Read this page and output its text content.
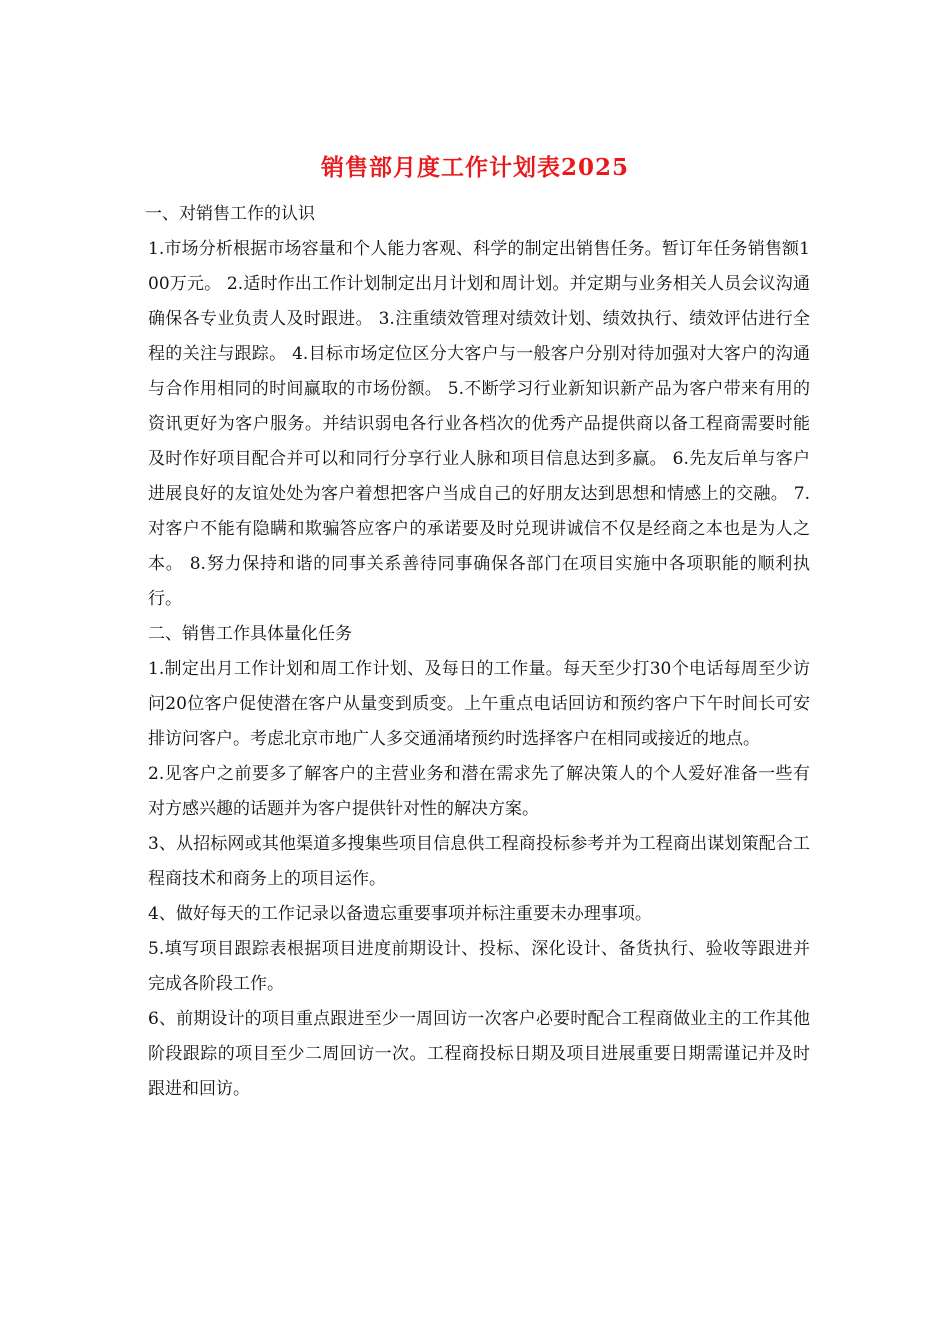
销售部月度工作计划表2025
一、对销售工作的认识

1.市场分析根据市场容量和个人能力客观、科学的制定出销售任务。暂订年任务销售额100万元。 2.适时作出工作计划制定出月计划和周计划。并定期与业务相关人员会议沟通确保各专业负责人及时跟进。 3.注重绩效管理对绩效计划、绩效执行、绩效评估进行全程的关注与跟踪。 4.目标市场定位区分大客户与一般客户分别对待加强对大客户的沟通与合作用相同的时间赢取的市场份额。 5.不断学习行业新知识新产品为客户带来有用的资讯更好为客户服务。并结识弱电各行业各档次的优秀产品提供商以备工程商需要时能及时作好项目配合并可以和同行分享行业人脉和项目信息达到多赢。 6.先友后单与客户进展良好的友谊处处为客户着想把客户当成自己的好朋友达到思想和情感上的交融。 7.对客户不能有隐瞒和欺骗答应客户的承诺要及时兑现讲诚信不仅是经商之本也是为人之本。 8.努力保持和谐的同事关系善待同事确保各部门在项目实施中各项职能的顺利执行。

二、销售工作具体量化任务

1.制定出月工作计划和周工作计划、及每日的工作量。每天至少打30个电话每周至少访问20位客户促使潜在客户从量变到质变。上午重点电话回访和预约客户下午时间长可安排访问客户。考虑北京市地广人多交通涌堵预约时选择客户在相同或接近的地点。

2.见客户之前要多了解客户的主营业务和潜在需求先了解决策人的个人爱好准备一些有对方感兴趣的话题并为客户提供针对性的解决方案。

3、从招标网或其他渠道多搜集些项目信息供工程商投标参考并为工程商出谋划策配合工程商技术和商务上的项目运作。

4、做好每天的工作记录以备遗忘重要事项并标注重要未办理事项。

5.填写项目跟踪表根据项目进度前期设计、投标、深化设计、备货执行、验收等跟进并完成各阶段工作。

6、前期设计的项目重点跟进至少一周回访一次客户必要时配合工程商做业主的工作其他阶段跟踪的项目至少二周回访一次。工程商投标日期及项目进展重要日期需谨记并及时跟进和回访。
